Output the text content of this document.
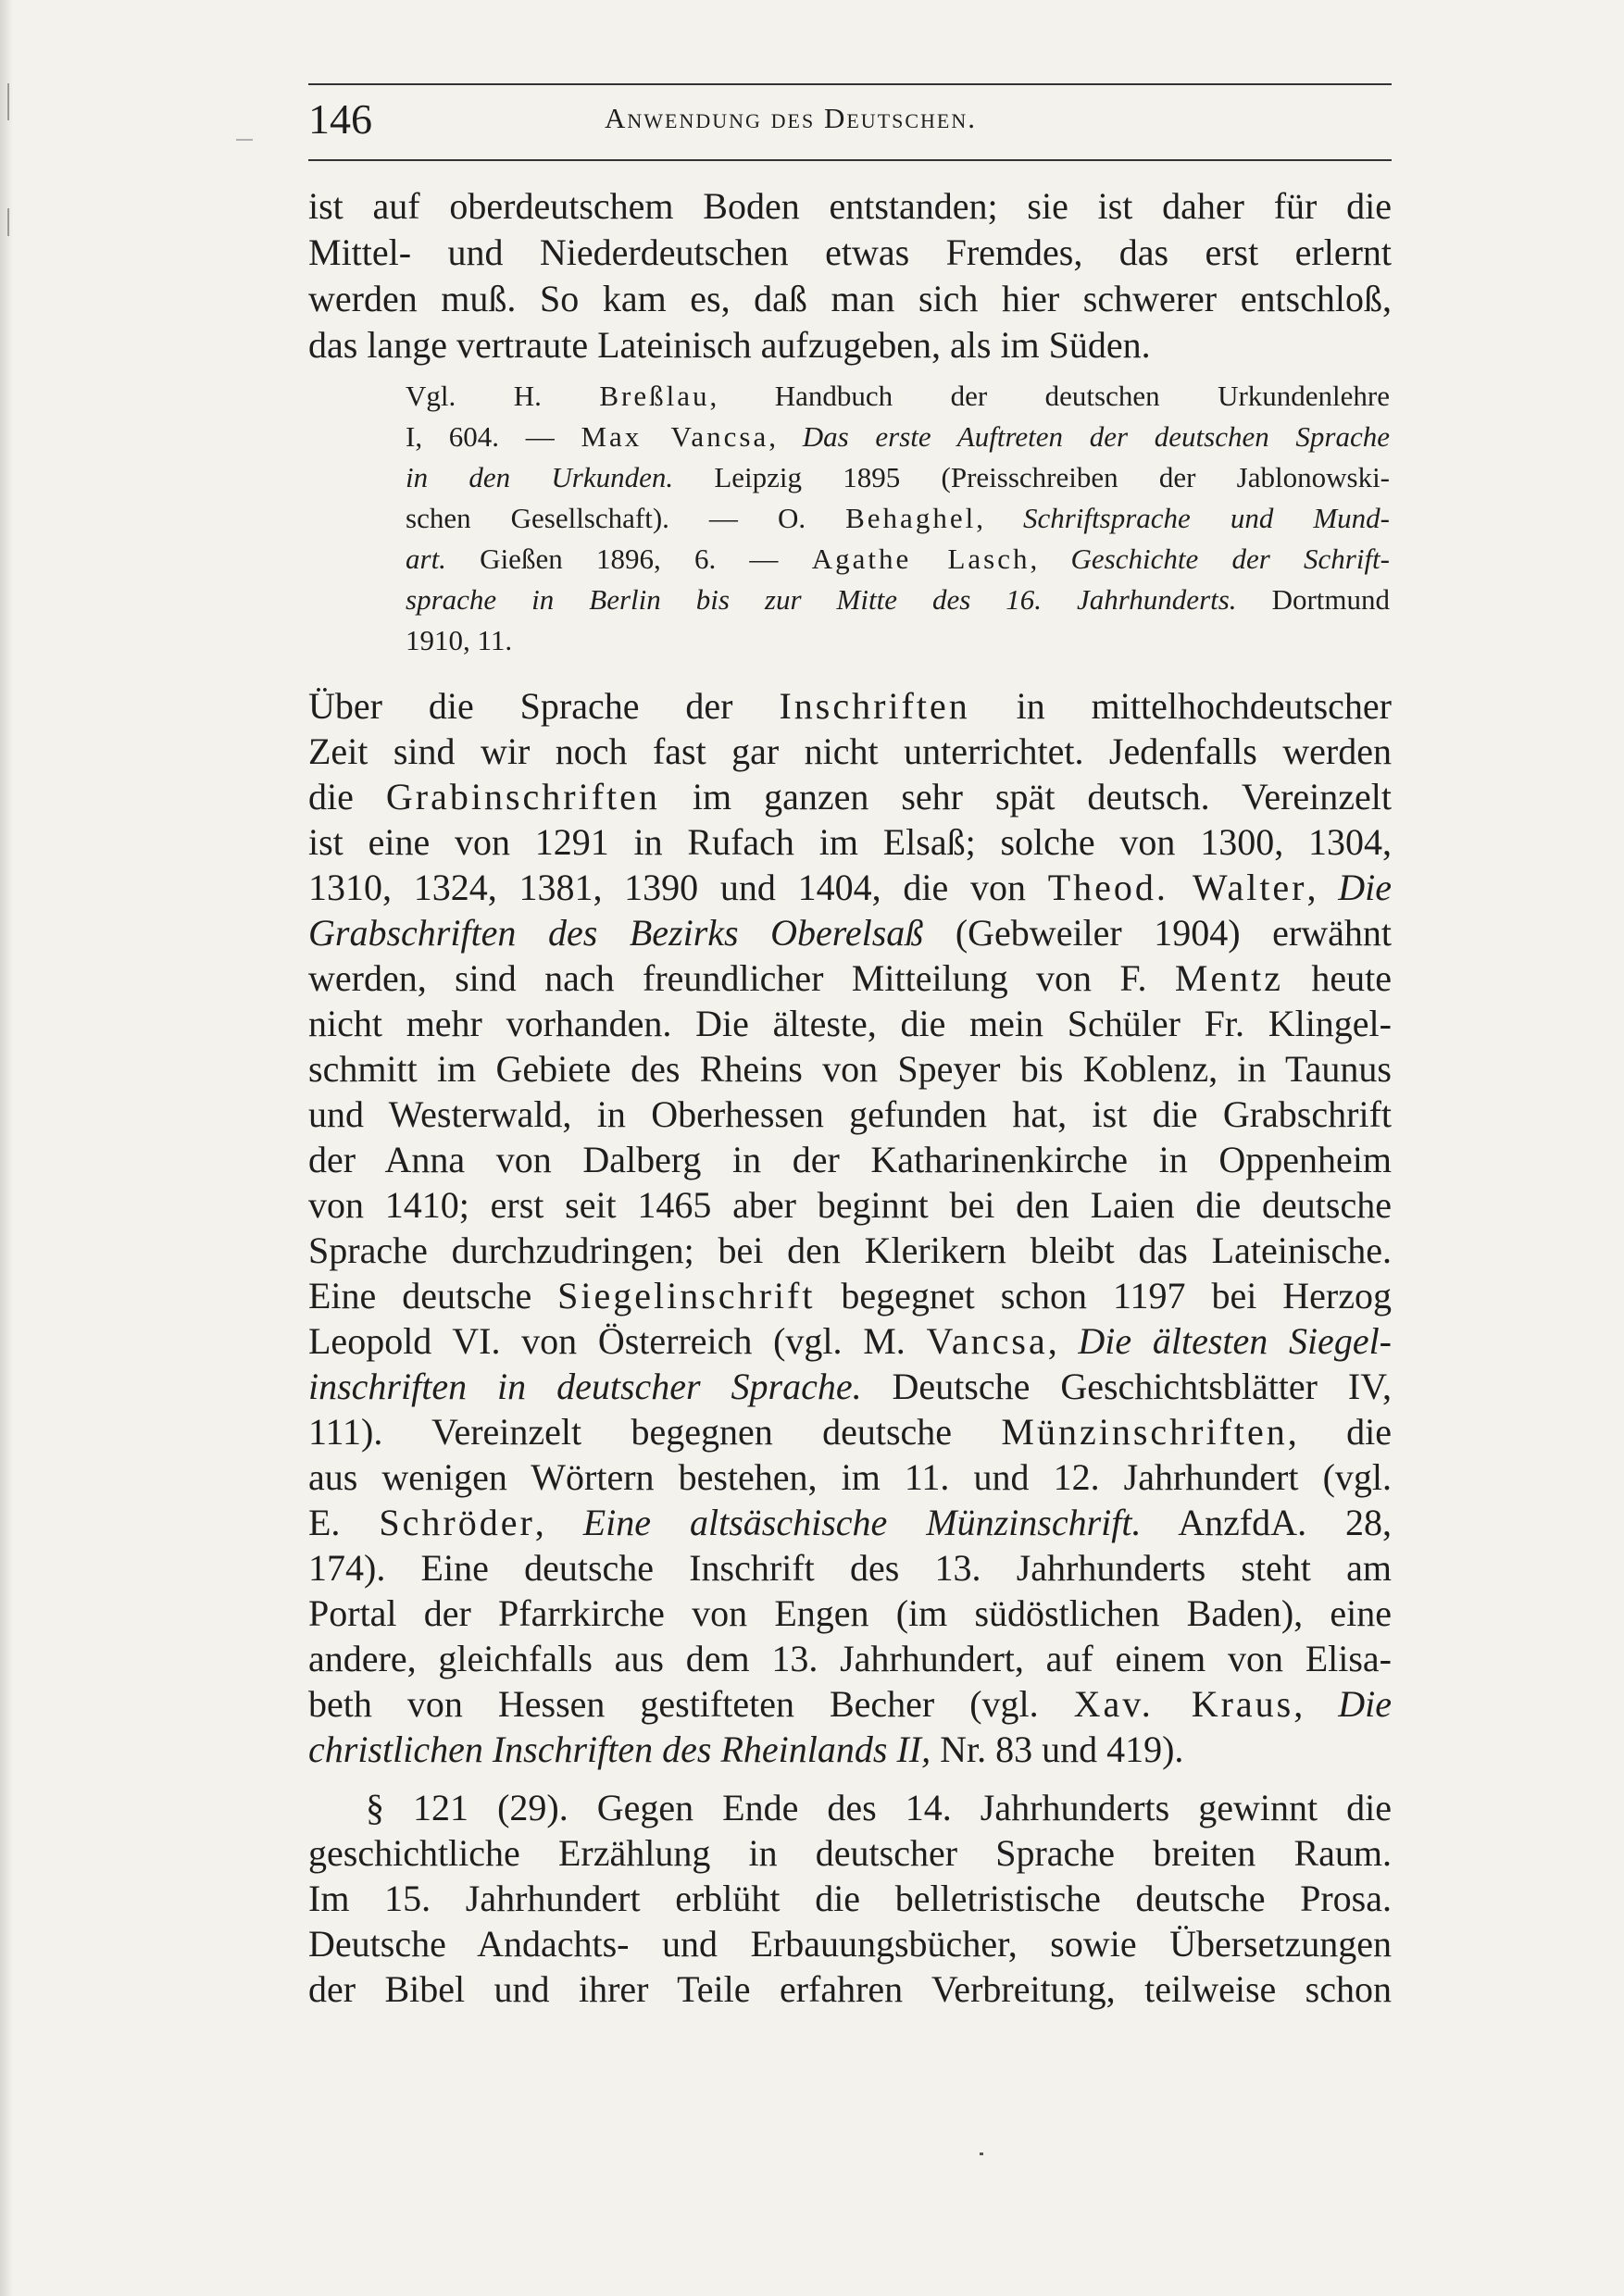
146	Anwendung des Deutschen.
ist auf oberdeutschem Boden entstanden; sie ist daher für die
Mittel- und Niederdeutschen etwas Fremdes, das erst erlernt
werden muß. So kam es, daß man sich hier schwerer entschloß,
das lange vertraute Lateinisch aufzugeben, als im Süden.
Vgl. H. Breßlau, Handbuch der deutschen Urkundenlehre
I, 604. — Max Vancsa, Das erste Auftreten der deutschen Sprache
in den Urkunden. Leipzig 1895 (Preisschreiben der Jablonowski-
schen Gesellschaft). — O. Behaghel, Schriftsprache und Mund-
art. Gießen 1896, 6. — Agathe Lasch, Geschichte der Schrift-
sprache in Berlin bis zur Mitte des 16. Jahrhunderts. Dortmund
1910, 11.
Über die Sprache der Inschriften in mittelhochdeutscher
Zeit sind wir noch fast gar nicht unterrichtet. Jedenfalls werden
die Grabinschriften im ganzen sehr spät deutsch. Vereinzelt
ist eine von 1291 in Rufach im Elsaß; solche von 1300, 1304,
1310, 1324, 1381, 1390 und 1404, die von Theod. Walter, Die
Grabschriften des Bezirks Oberelsaß (Gebweiler 1904) erwähnt
werden, sind nach freundlicher Mitteilung von F. Mentz heute
nicht mehr vorhanden. Die älteste, die mein Schüler Fr. Klingel-
schmitt im Gebiete des Rheins von Speyer bis Koblenz, in Taunus
und Westerwald, in Oberhessen gefunden hat, ist die Grabschrift
der Anna von Dalberg in der Katharinenkirche in Oppenheim
von 1410; erst seit 1465 aber beginnt bei den Laien die deutsche
Sprache durchzudringen; bei den Klerikern bleibt das Lateinische.
Eine deutsche Siegelinschrift begegnet schon 1197 bei Herzog
Leopold VI. von Österreich (vgl. M. Vancsa, Die ältesten Siegel-
inschriften in deutscher Sprache. Deutsche Geschichtsblätter IV,
111). Vereinzelt begegnen deutsche Münzinschriften, die
aus wenigen Wörtern bestehen, im 11. und 12. Jahrhundert (vgl.
E. Schröder, Eine altsäschische Münzinschrift. AnzfdA. 28,
174). Eine deutsche Inschrift des 13. Jahrhunderts steht am
Portal der Pfarrkirche von Engen (im südöstlichen Baden), eine
andere, gleichfalls aus dem 13. Jahrhundert, auf einem von Elisa-
beth von Hessen gestifteten Becher (vgl. Xav. Kraus, Die
christlichen Inschriften des Rheinlands II, Nr. 83 und 419).
§ 121 (29). Gegen Ende des 14. Jahrhunderts gewinnt die
geschichtliche Erzählung in deutscher Sprache breiten Raum.
Im 15. Jahrhundert erblüht die belletristische deutsche Prosa.
Deutsche Andachts- und Erbauungsbücher, sowie Übersetzungen
der Bibel und ihrer Teile erfahren Verbreitung, teilweise schon
